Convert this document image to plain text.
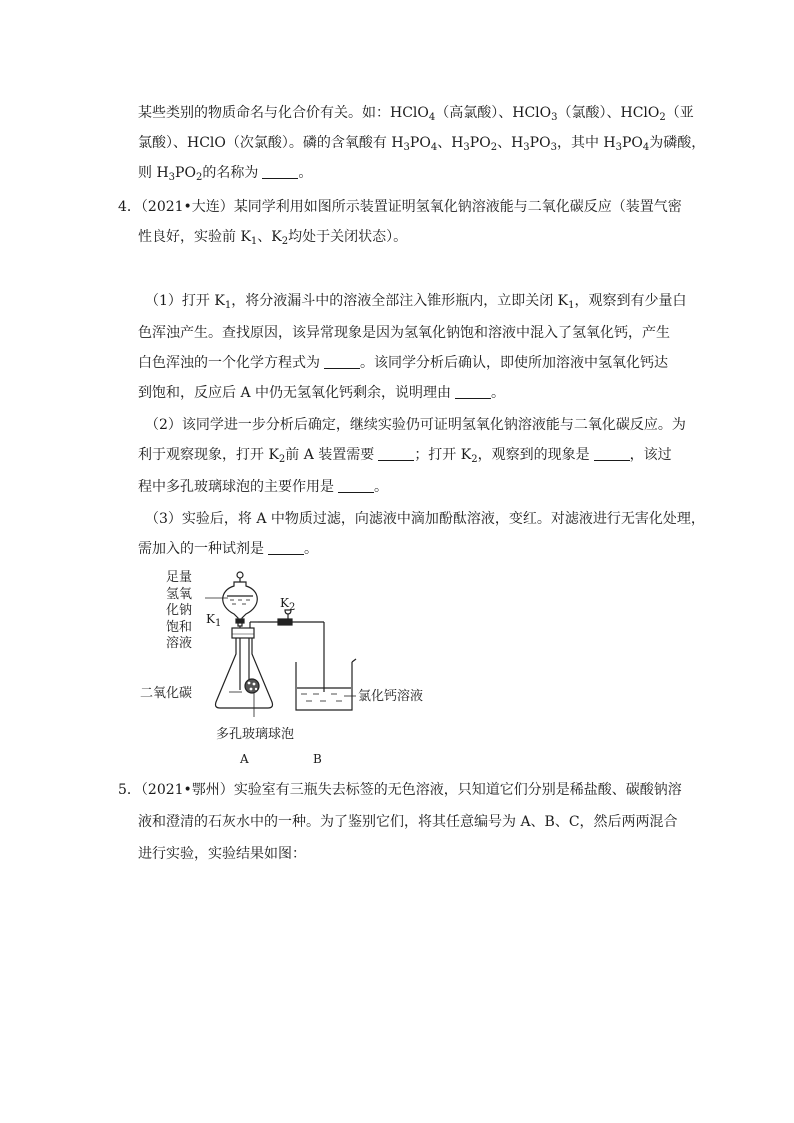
某些类别的物质命名与化合价有关。如：HClO$_4$（高氯酸）、HClO$_3$（氯酸）、HClO$_2$（亚
氯酸）、HClO（次氯酸）。磷的含氧酸有 $H_3PO_4$、$H_3PO_2$、$H_3PO_3$，其中 $H_3PO_4$为磷酸，
则 $H_3PO_2$的名称为	。
4．（2021•大连）某同学利用如图所示装置证明氢氧化钠溶液能与二氧化碳反应（装置气密
性良好，实验前 $K_1$、$K_2$均处于关闭状态）。
（1）打开 $K_1$，将分液漏斗中的溶液全部注入锥形瓶内，立即关闭 $K_1$，观察到有少量白
色浑浊产生。查找原因，该异常现象是因为氢氧化钠饱和溶液中混入了氢氧化钙，产生
白色浑浊的一个化学方程式为	。该同学分析后确认，即使所加溶液中氢氧化钙达
到饱和，反应后 A 中仍无氢氧化钙剩余，说明理由	。
（2）该同学进一步分析后确定，继续实验仍可证明氢氧化钠溶液能与二氧化碳反应。为
利于观察现象，打开 $K_2$前 A 装置需要	；打开 $K_2$，观察到的现象是	，该过
程中多孔玻璃球泡的主要作用是	。
（3）实验后，将 A 中物质过滤，向滤液中滴加酚酞溶液，变红。对滤液进行无害化处理，
需加入的一种试剂是	。
足量氢氧化钠饱和溶液
$K_1$
$K_2$
二氧化碳	氯化钙溶液
多孔玻璃球泡
A	B
5．（2021•鄂州）实验室有三瓶失去标签的无色溶液，只知道它们分别是稀盐酸、碳酸钠溶
液和澄清的石灰水中的一种。为了鉴别它们，将其任意编号为 A、B、C，然后两两混合
进行实验，实验结果如图：
